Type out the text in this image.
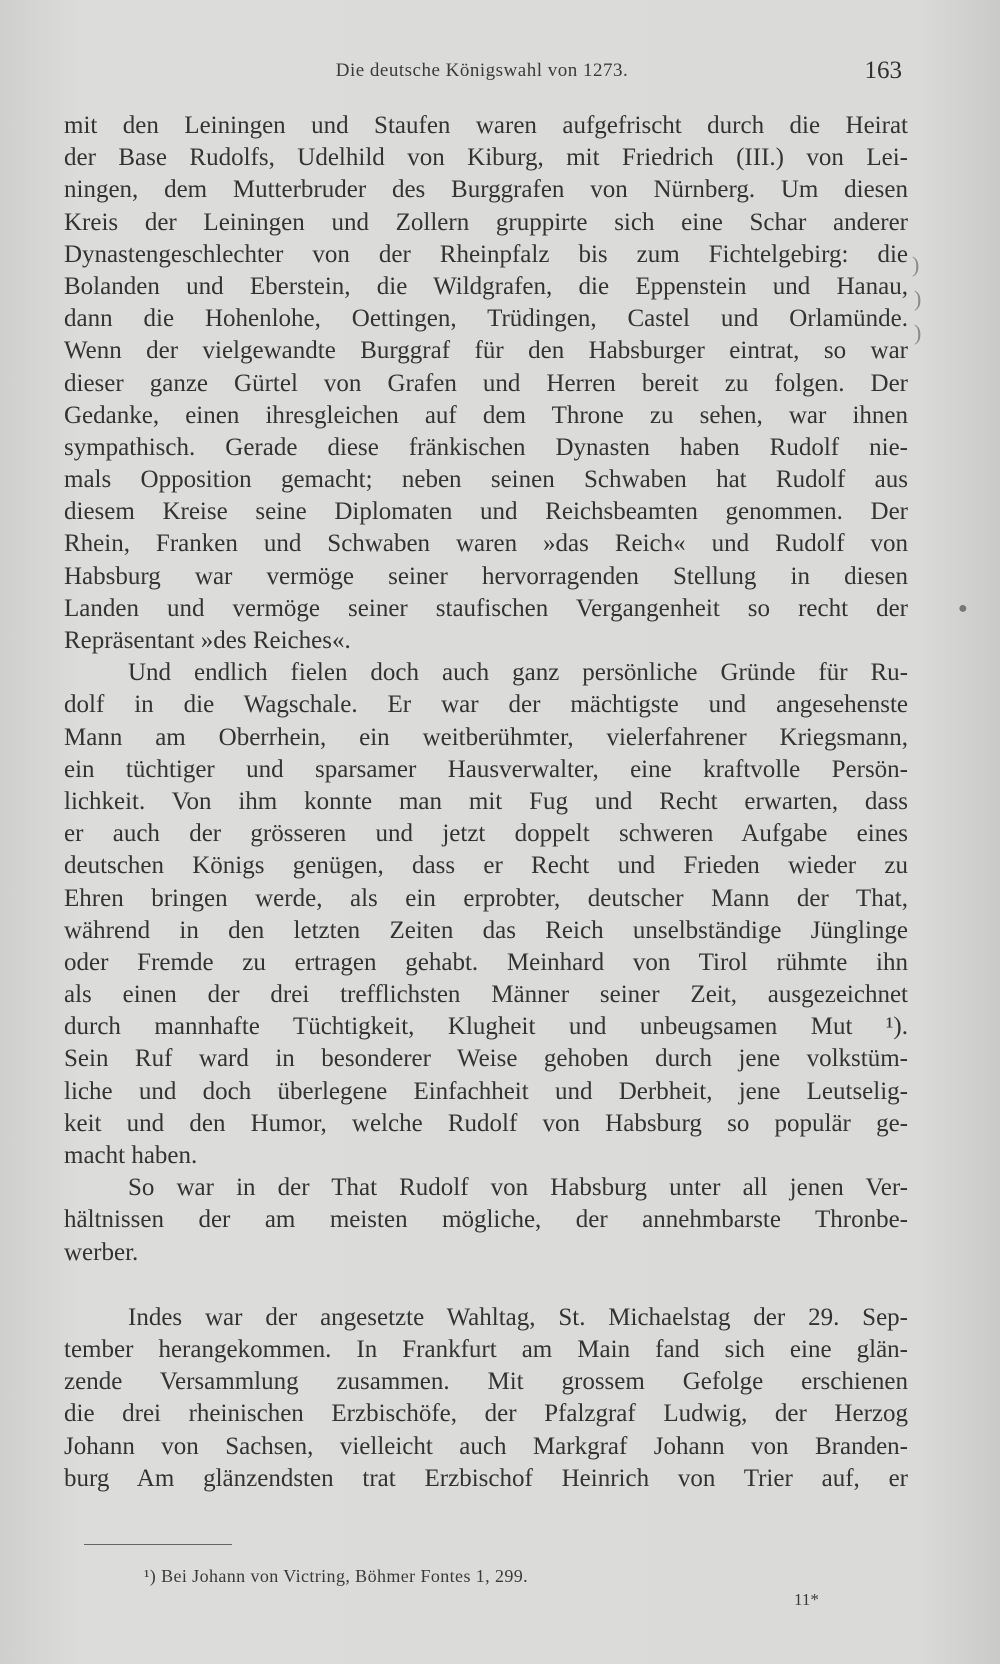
Die deutsche Königswahl von 1273.	163
mit den Leiningen und Staufen waren aufgefrischt durch die Heirat
der Base Rudolfs, Udelhild von Kiburg, mit Friedrich (III.) von Lei-
ningen, dem Mutterbruder des Burggrafen von Nürnberg. Um diesen
Kreis der Leiningen und Zollern gruppirte sich eine Schar anderer
Dynastengeschlechter von der Rheinpfalz bis zum Fichtelgebirg: die
Bolanden und Eberstein, die Wildgrafen, die Eppenstein und Hanau,
dann die Hohenlohe, Oettingen, Trüdingen, Castel und Orlamünde.
Wenn der vielgewandte Burggraf für den Habsburger eintrat, so war
dieser ganze Gürtel von Grafen und Herren bereit zu folgen. Der
Gedanke, einen ihresgleichen auf dem Throne zu sehen, war ihnen
sympathisch. Gerade diese fränkischen Dynasten haben Rudolf nie-
mals Opposition gemacht; neben seinen Schwaben hat Rudolf aus
diesem Kreise seine Diplomaten und Reichsbeamten genommen. Der
Rhein, Franken und Schwaben waren »das Reich« und Rudolf von
Habsburg war vermöge seiner hervorragenden Stellung in diesen
Landen und vermöge seiner staufischen Vergangenheit so recht der
Repräsentant »des Reiches«.
Und endlich fielen doch auch ganz persönliche Gründe für Ru-
dolf in die Wagschale. Er war der mächtigste und angesehenste
Mann am Oberrhein, ein weitberühmter, vielerfahrener Kriegsmann,
ein tüchtiger und sparsamer Hausverwalter, eine kraftvolle Persön-
lichkeit. Von ihm konnte man mit Fug und Recht erwarten, dass
er auch der grösseren und jetzt doppelt schweren Aufgabe eines
deutschen Königs genügen, dass er Recht und Frieden wieder zu
Ehren bringen werde, als ein erprobter, deutscher Mann der That,
während in den letzten Zeiten das Reich unselbständige Jünglinge
oder Fremde zu ertragen gehabt. Meinhard von Tirol rühmte ihn
als einen der drei trefflichsten Männer seiner Zeit, ausgezeichnet
durch mannhafte Tüchtigkeit, Klugheit und unbeugsamen Mut ¹).
Sein Ruf ward in besonderer Weise gehoben durch jene volkstüm-
liche und doch überlegene Einfachheit und Derbheit, jene Leutselig-
keit und den Humor, welche Rudolf von Habsburg so populär ge-
macht haben.
So war in der That Rudolf von Habsburg unter all jenen Ver-
hältnissen der am meisten mögliche, der annehmbarste Thronbe-
werber.
Indes war der angesetzte Wahltag, St. Michaelstag der 29. Sep-
tember herangekommen. In Frankfurt am Main fand sich eine glän-
zende Versammlung zusammen. Mit grossem Gefolge erschienen
die drei rheinischen Erzbischöfe, der Pfalzgraf Ludwig, der Herzog
Johann von Sachsen, vielleicht auch Markgraf Johann von Branden-
burg Am glänzendsten trat Erzbischof Heinrich von Trier auf, er
¹) Bei Johann von Victring, Böhmer Fontes 1, 299.
11*
)
)
)
●
